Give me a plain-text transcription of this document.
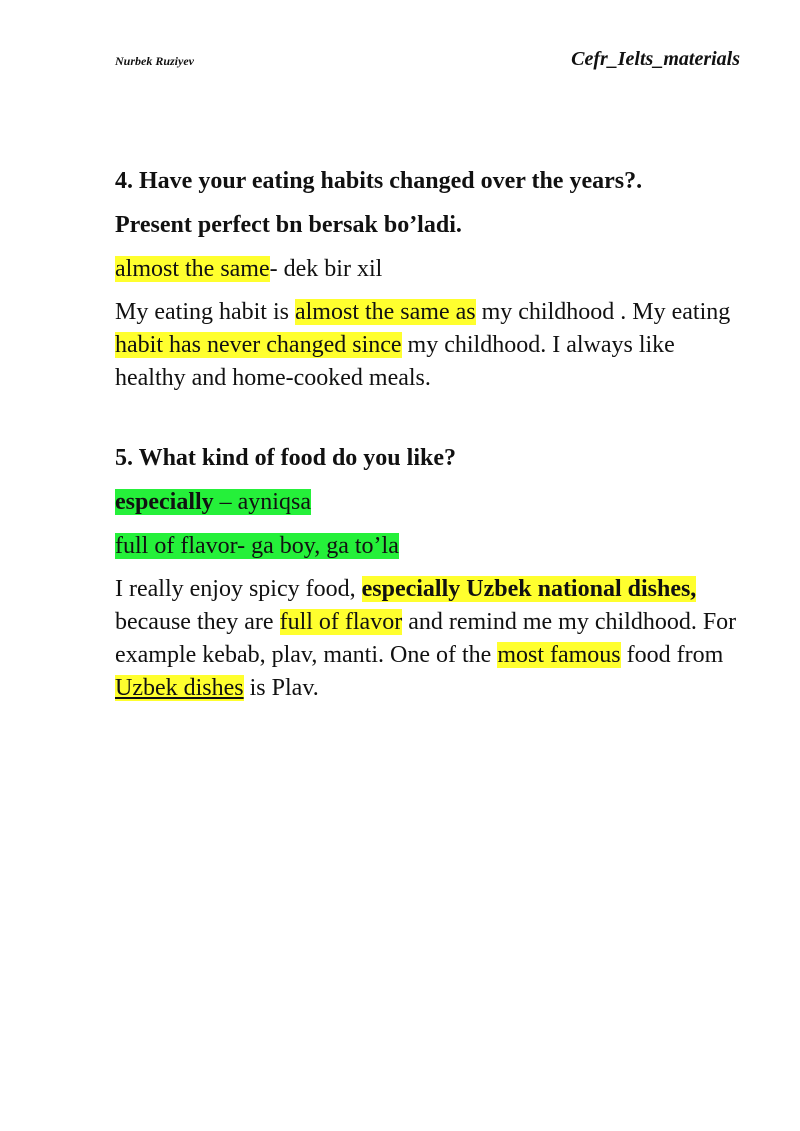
Nurbek Ruziyev	Cefr_Ielts_materials

4. Have your eating habits changed over the years?.

Present perfect bn bersak bo’ladi.

almost the same- dek bir xil

My eating habit is almost the same as my childhood . My eating habit has never changed since my childhood. I always like healthy and home-cooked meals.

5. What kind of food do you like?

especially – ayniqsa

full of flavor- ga boy, ga to’la

I really enjoy spicy food, especially Uzbek national dishes, because they are full of flavor and remind me my childhood. For example kebab, plav, manti. One of the most famous food from Uzbek dishes is Plav.
